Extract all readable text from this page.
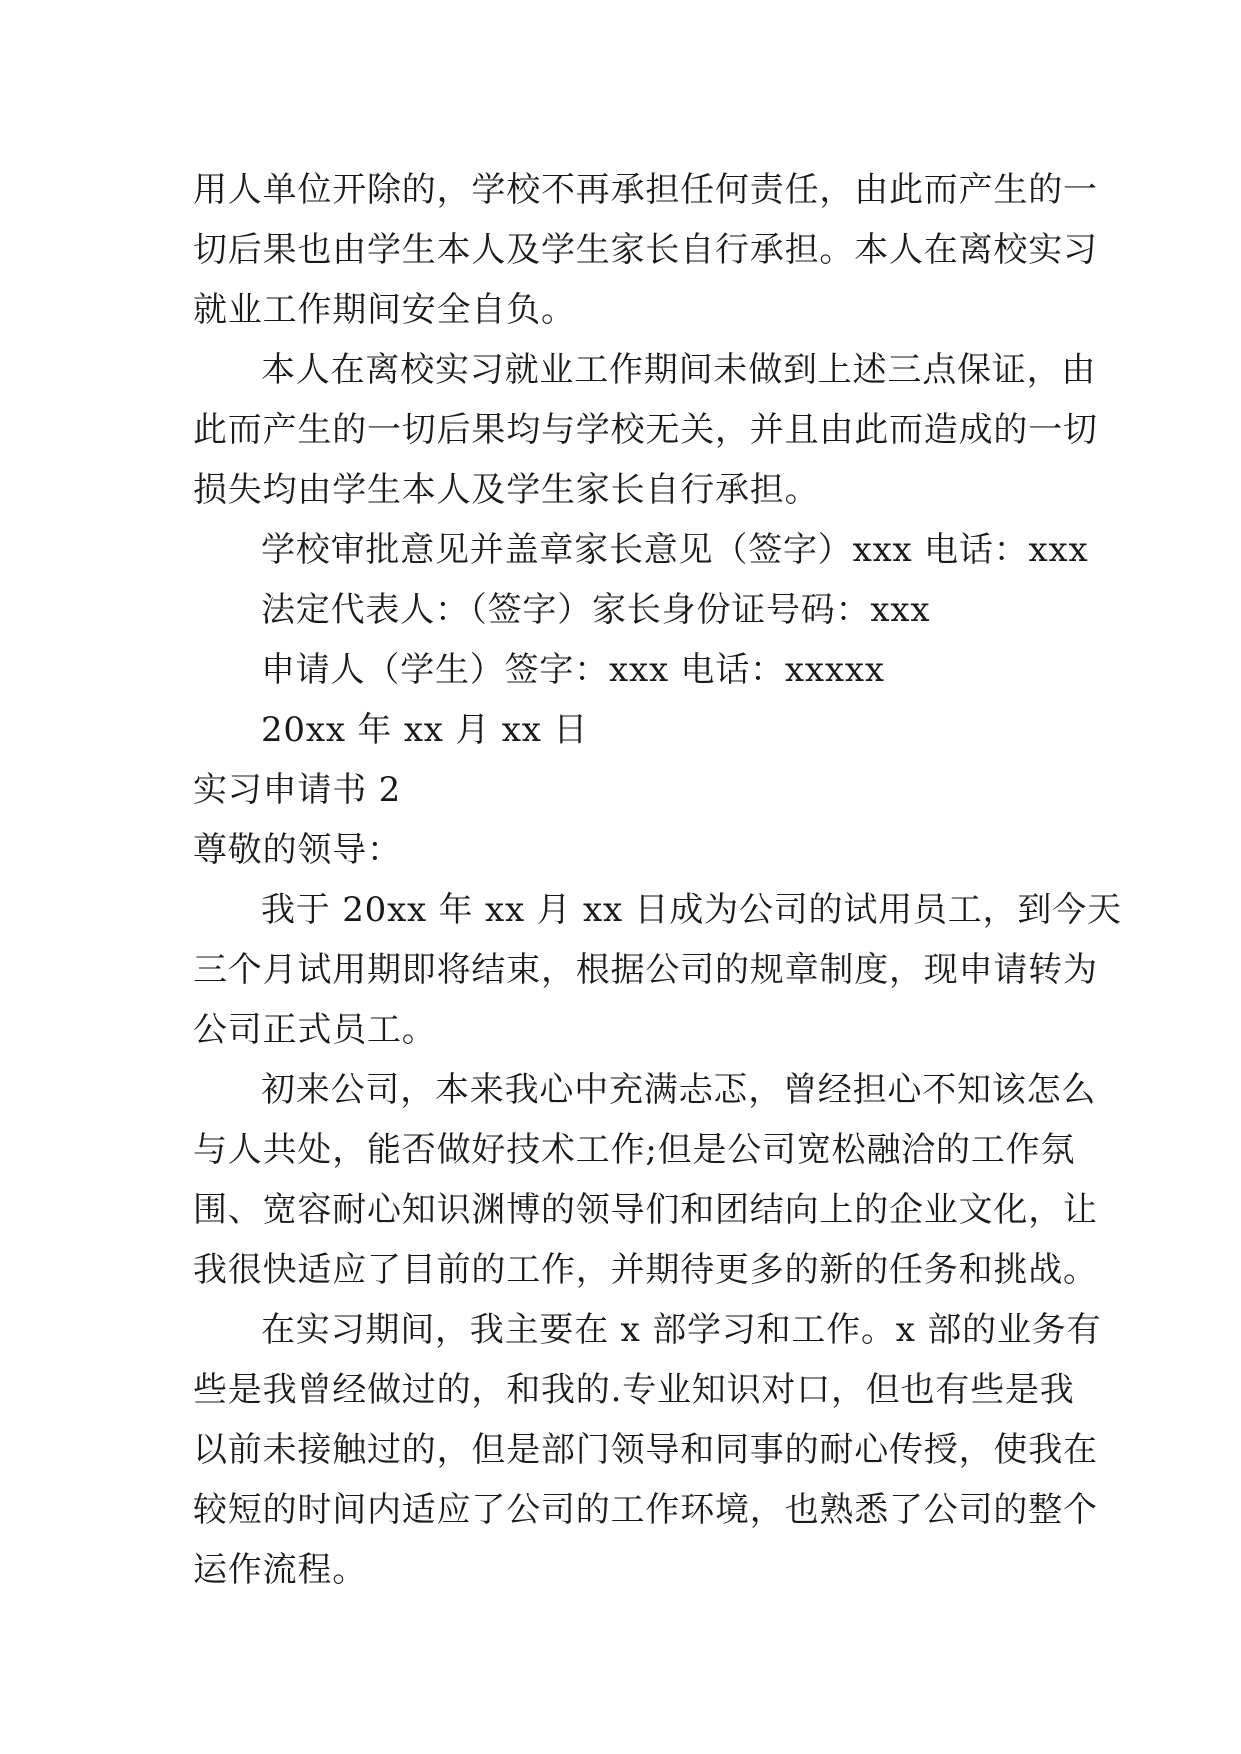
用人单位开除的，学校不再承担任何责任，由此而产生的一
切后果也由学生本人及学生家长自行承担。本人在离校实习
就业工作期间安全自负。
本人在离校实习就业工作期间未做到上述三点保证，由
此而产生的一切后果均与学校无关，并且由此而造成的一切
损失均由学生本人及学生家长自行承担。
学校审批意见并盖章家长意见（签字）xxx 电话：xxx
法定代表人：（签字）家长身份证号码：xxx
申请人（学生）签字：xxx 电话：xxxxx
20xx 年 xx 月 xx 日
实习申请书 2
尊敬的领导：
我于 20xx 年 xx 月 xx 日成为公司的试用员工，到今天
三个月试用期即将结束，根据公司的规章制度，现申请转为
公司正式员工。
初来公司，本来我心中充满忐忑，曾经担心不知该怎么
与人共处，能否做好技术工作;但是公司宽松融洽的工作氛
围、宽容耐心知识渊博的领导们和团结向上的企业文化，让
我很快适应了目前的工作，并期待更多的新的任务和挑战。
在实习期间，我主要在 x 部学习和工作。x 部的业务有
些是我曾经做过的，和我的.专业知识对口，但也有些是我
以前未接触过的，但是部门领导和同事的耐心传授，使我在
较短的时间内适应了公司的工作环境，也熟悉了公司的整个
运作流程。
